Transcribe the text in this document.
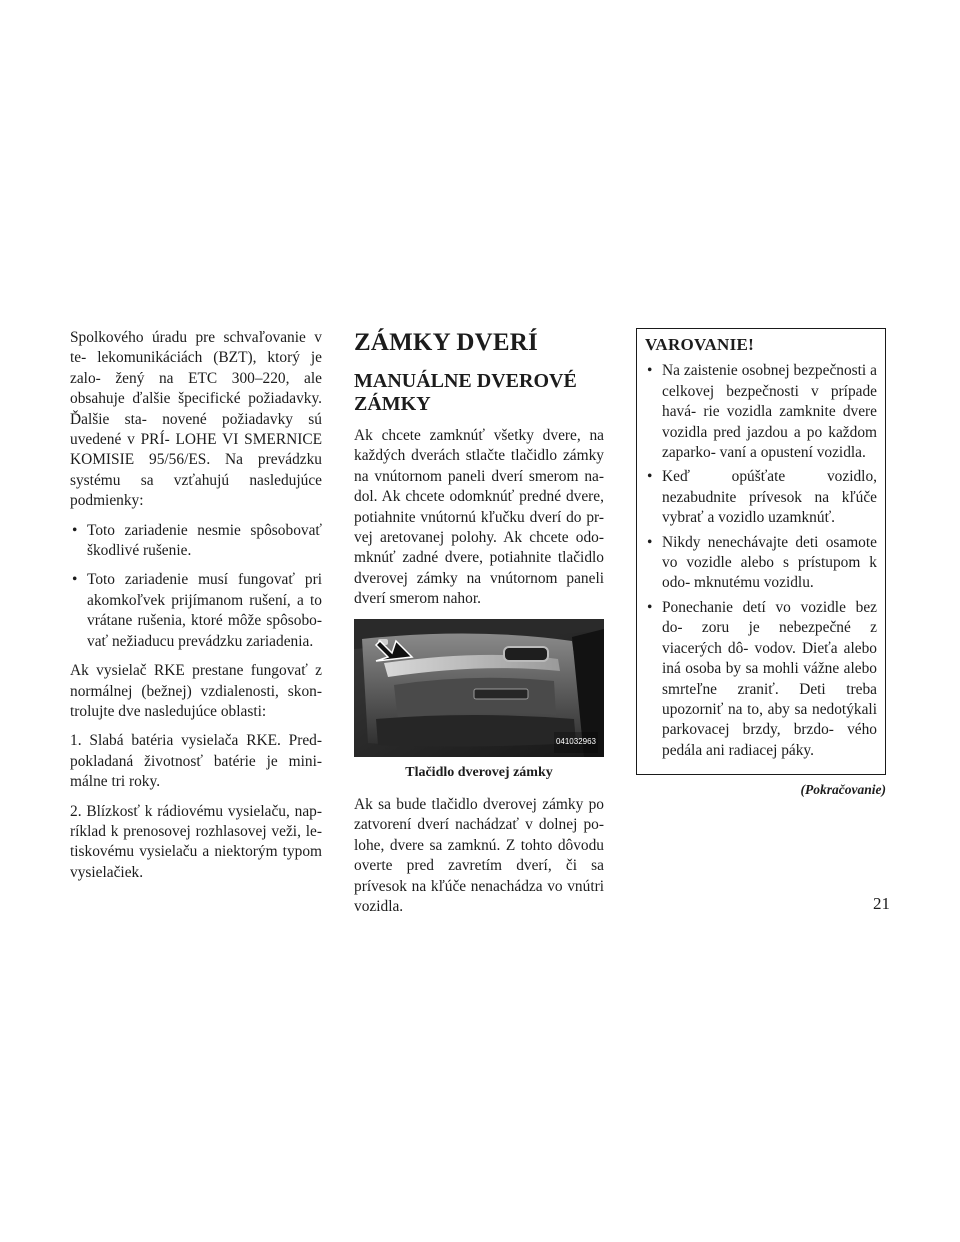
Spolkového úradu pre schvaľovanie v te- lekomunikáciách (BZT), ktorý je zalo- žený na ETC 300–220, ale obsahuje ďalšie špecifické požiadavky. Ďalšie sta- novené požiadavky sú uvedené v PRÍ- LOHE VI SMERNICE KOMISIE 95/56/ES. Na prevádzku systému sa vzťahujú nasledujúce podmienky:

• Toto zariadenie nesmie spôsobovať škodlivé rušenie.
• Toto zariadenie musí fungovať pri akomkoľvek prijímanom rušení, a to vrátane rušenia, ktoré môže spôsobo- vať nežiaducu prevádzku zariadenia.

Ak vysielač RKE prestane fungovať z normálnej (bežnej) vzdialenosti, skon- trolujte dve nasledujúce oblasti:

1. Slabá batéria vysielača RKE. Pred- pokladaná životnosť batérie je mini- málne tri roky.

2. Blízkosť k rádiovému vysielaču, nap- ríklad k prenosovej rozhlasovej veži, le- tiskovému vysielaču a niektorým typom vysielačiek.

ZÁMKY DVERÍ
MANUÁLNE DVEROVÉ ZÁMKY

Ak chcete zamknúť všetky dvere, na každých dverách stlačte tlačidlo zámky na vnútornom paneli dverí smerom na- dol. Ak chcete odomknúť predné dvere, potiahnite vnútornú kľučku dverí do pr- vej aretovanej polohy. Ak chcete odo- mknúť zadné dvere, potiahnite tlačidlo dverovej zámky na vnútornom paneli dverí smerom nahor.

041032963

Tlačidlo dverovej zámky

Ak sa bude tlačidlo dverovej zámky po zatvorení dverí nachádzať v dolnej po- lohe, dvere sa zamknú. Z tohto dôvodu overte pred zavretím dverí, či sa prívesok na kľúče nenachádza vo vnútri vozidla.

VAROVANIE!
• Na zaistenie osobnej bezpečnosti a celkovej bezpečnosti v prípade havá- rie vozidla zamknite dvere vozidla pred jazdou a po každom zaparko- vaní a opustení vozidla.
• Keď opúšťate vozidlo, nezabudnite prívesok na kľúče vybrať a vozidlo uzamknúť.
• Nikdy nenechávajte deti osamote vo vozidle alebo s prístupom k odo- mknutému vozidlu.
• Ponechanie detí vo vozidle bez do- zoru je nebezpečné z viacerých dô- vodov. Dieťa alebo iná osoba by sa mohli vážne alebo smrteľne zraniť. Deti treba upozorniť na to, aby sa nedotýkali parkovacej brzdy, brzdo- vého pedála ani radiacej páky.
(Pokračovanie)
21
